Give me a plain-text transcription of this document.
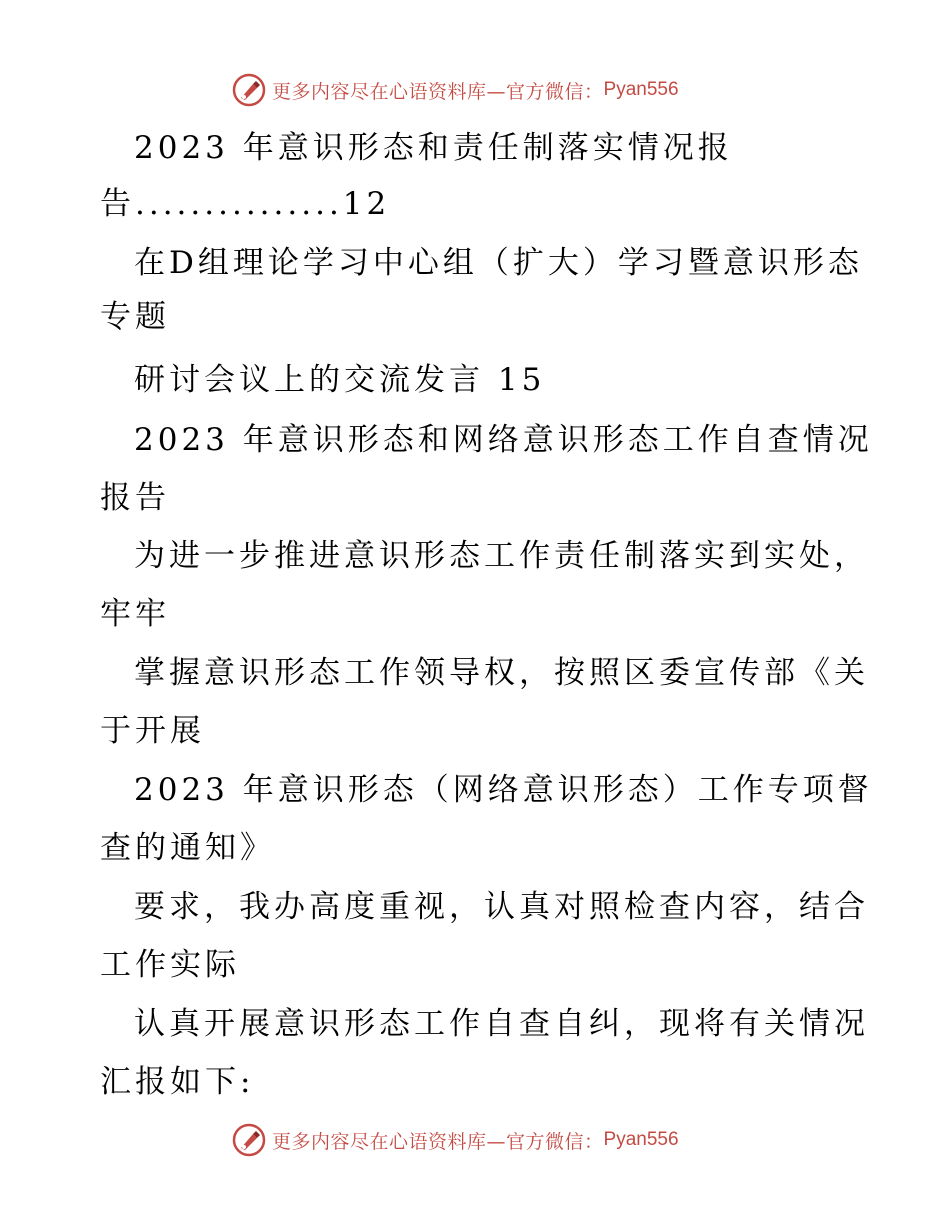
更多内容尽在心语资料库—官方微信： Pyan556
2023 年意识形态和责任制落实情况报
告...............12
在D组理论学习中心组（扩大）学习暨意识形态
专题
研讨会议上的交流发言 15
2023 年意识形态和网络意识形态工作自查情况
报告
为进一步推进意识形态工作责任制落实到实处，
牢牢
掌握意识形态工作领导权，按照区委宣传部《关
于开展
2023 年意识形态（网络意识形态）工作专项督
查的通知》
要求，我办高度重视，认真对照检查内容，结合
工作实际
认真开展意识形态工作自查自纠，现将有关情况
汇报如下:
更多内容尽在心语资料库—官方微信： Pyan556
